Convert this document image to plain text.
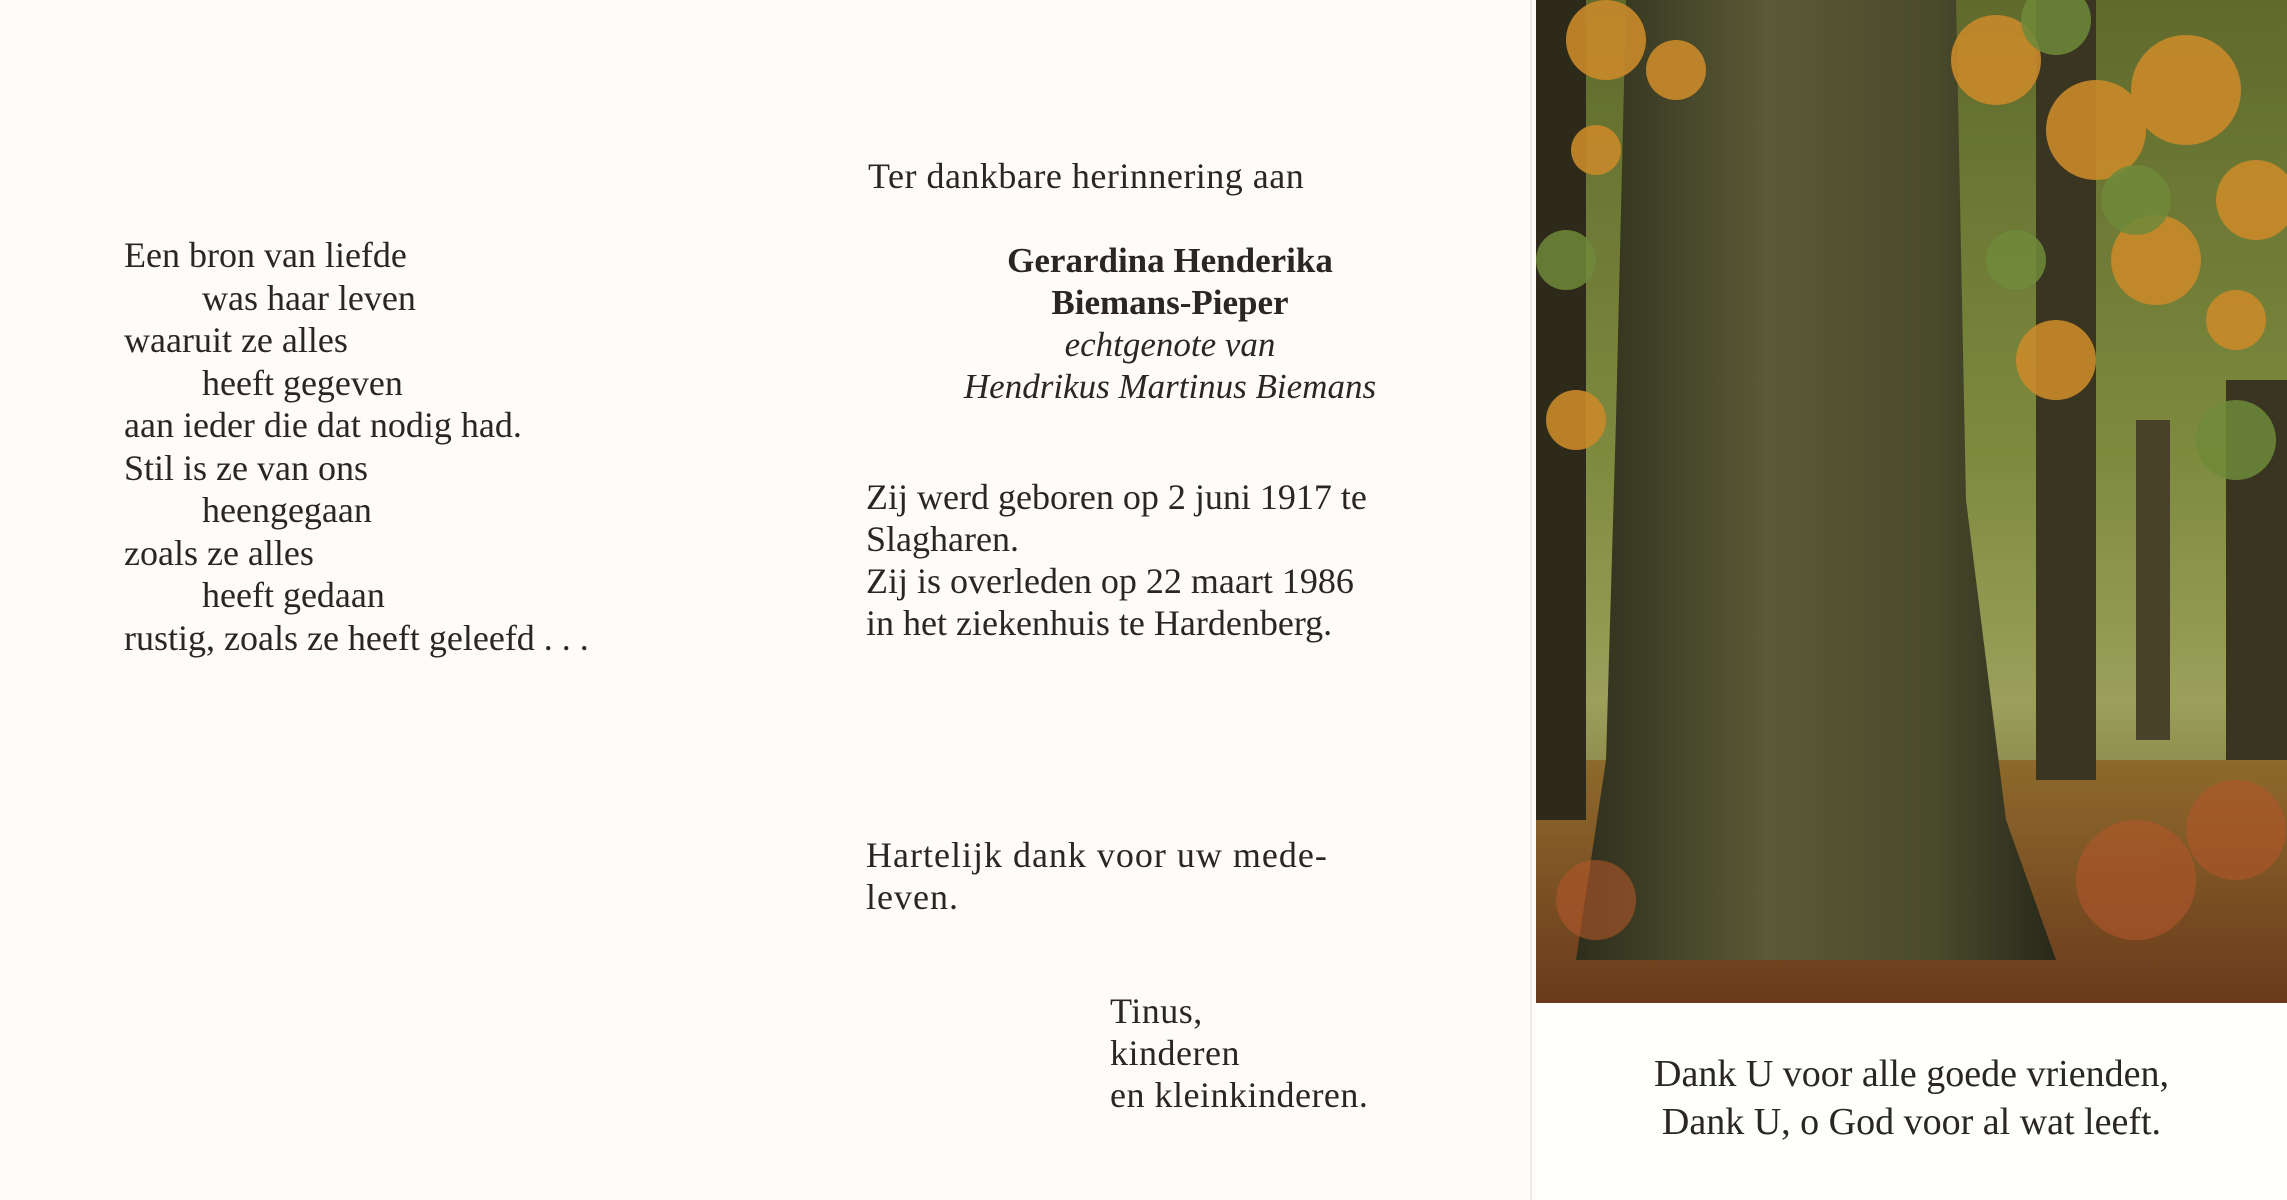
Een bron van liefde
was haar leven
waaruit ze alles
heeft gegeven
aan ieder die dat nodig had.
Stil is ze van ons
heengegaan
zoals ze alles
heeft gedaan
rustig, zoals ze heeft geleefd . . .
Ter dankbare herinnering aan
Gerardina Henderika
Biemans-Pieper
echtgenote van
Hendrikus Martinus Biemans
Zij werd geboren op 2 juni 1917 te
Slagharen.
Zij is overleden op 22 maart 1986
in het ziekenhuis te Hardenberg.
Hartelijk dank voor uw mede-
leven.
Tinus,
kinderen
en kleinkinderen.	Dank U voor alle goede vrienden,
Dank U, o God voor al wat leeft.
